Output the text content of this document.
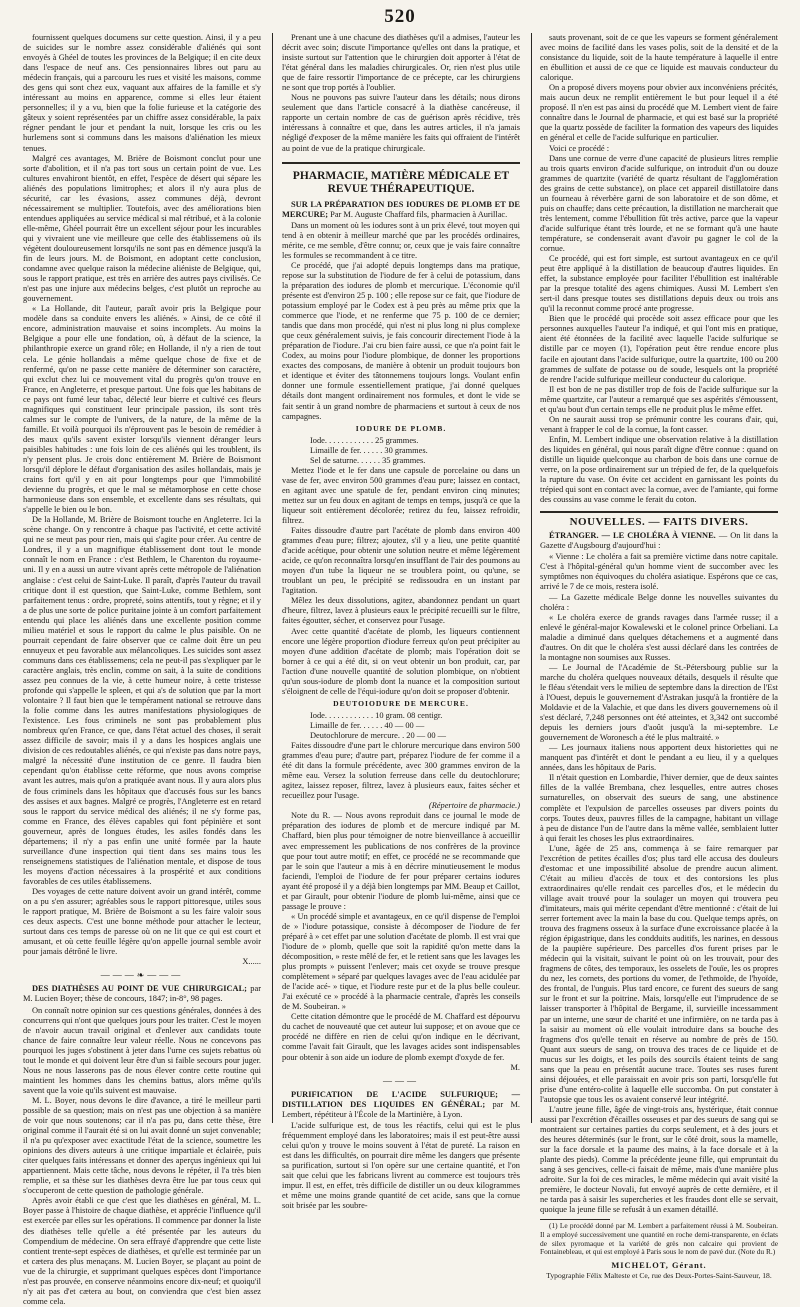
520

fournissent quelques documens sur cette question. Ainsi, il y a peu de suicides sur le nombre assez considérable d'aliénés qui sont envoyés à Ghéel de toutes les provinces de la Belgique; il en cite deux dans l'espace de neuf ans. Ces pensionnaires libres out paru au médecin français, qui a parcouru les rues et visité les maisons, comme des gens qui sont chez eux, vaquant aux affaires de la famille et s'y intéressant au moins en apparence, comme si elles leur étaient personnelles; il y a vu, bien que la folie furieuse et la catégorie des gâteux y soient représentées par un chiffre assez considérable, la paix régner pendant le jour et pendant la nuit, lorsque les cris ou les hurlemens sont si communs dans les maisons d'aliénation les mieux tenues.

Malgré ces avantages, M. Brière de Boismont conclut pour une sorte d'abolition, et il n'a pas tort sous un certain point de vue. Les cultures envahiront bientôt, en effet, l'espèce de désert qui sépare les aliénés des populations limitrophes; et alors il n'y aura plus de sécurité, car les évasions, assez communes déjà, devront nécessairement se multiplier. Toutefois, avec des améliorations bien entendues appliquées au service médical si mal rétribué, et à la colonie elle-même, Ghéel pourrait être un excellent séjour pour les incurables qui y vivraient une vie meilleure que celle des établissemens où ils végètent douloureusement lorsqu'ils ne sont pas en démence jusqu'à la fin de leurs jours. M. de Boismont, en adoptant cette conclusion, condamne avec quelque raison la médecine aliéniste de Belgique, qui, sous le rapport pratique, est très en arrière des autres pays civilisés. Ce n'est pas une injure aux médecins belges, c'est plutôt un reproche au gouvernement.

« La Hollande, dit l'auteur, paraît avoir pris la Belgique pour modèle dans sa conduite envers les aliénés. » Ainsi, de ce côté il encore, administration mauvaise et soins incomplets. Au moins la Belgique a pour elle une fondation, où, à défaut de la science, la philanthropie exerce un grand rôle; en Hollande, il n'y a rien de tout cela. Le génie hollandais a même quelque chose de fixe et de renfermé, qu'on ne passe cette manière de déterminer son caractère, qui exclut chez lui ce mouvement vital du progrès qu'on trouve en France, en Angleterre, et presque partout. Une fois que les habitans de ce pays ont fumé leur tabac, délecté leur bierre et cultivé ces fleurs magnifiques qui constituent leur principale passion, ils sont très calmes sur le compte de l'univers, de la nature, de la même de la famille. Et voilà pourquoi ils n'éprouvent pas le besoin de remédier à des maux qu'ils savent exister lorsqu'ils viennent déranger leurs paisibles habitudes : une fois loin de ces aliénés qui les troublent, ils n'y pensent plus. Je crois donc entièrement M. Brière de Boismont lorsqu'il déplore le défaut d'organisation des asiles hollandais, mais je crains fort qu'il y en ait pour longtemps pour que l'immobilité devienne du progrès, et que le mal se métamorphose en cette chose harmonieuse dans son ensemble, et excellente dans ses résultats, qui s'appelle le bien ou le bon.

De la Hollande, M. Brière de Boismont touche en Angleterre. Ici la scène change. On y rencontre à chaque pas l'activité, et cette activité qui ne se meut pas pour rien, mais qui s'agite pour créer. Au centre de Londres, il y a un magnifique établissement dont tout le monde connaît le nom en France : c'est Bethlem, le Charenton du royaume-uni. Il y en a aussi un autre vivant après cette métropole de l'aliénation anglaise : c'est celui de Saint-Luke. Il paraît, d'après l'auteur du travail critique dont il est question, que Saint-Luke, comme Bethlem, sont parfaitement tenus : ordre, propreté, soins attentifs, tout y règne; et il y a de plus une sorte de police puritaine jointe à un comfort parfaitement entendu qui place les aliénés dans une excellente position comme milieu matériel et sous le rapport du calme le plus paisible. On ne pourrait cependant de faire observer que ce calme doit être un peu ennuyeux et peu favorable aux mélancoliques. Les suicides sont assez communs dans ces établissemens; cela ne peut-il pas s'expliquer par le caractère anglais, très enclin, comme on sait, à la suite de conditions assez peu connues de la vie, à cette humeur noire, à cette tristesse profonde qui s'appelle le spleen, et qui a's de solution que par la mort volontaire ? Il faut bien que le tempérament national se retrouve dans la folie comme dans les autres manifestations physiologiques de l'existence. Les fous criminels ne sont pas probablement plus nombreux qu'en France, ce que, dans l'état actuel des choses, il serait assez difficile de savoir; mais il y a dans les hospices anglais une division de ces redoutables aliénés, ce qui n'existe pas dans notre pays, malgré la nécessité d'une institution de ce genre. Il faudra bien cependant qu'on établisse cette réforme, que nous avons comprise avant les autres, mais qu'on a pratiquée avant nous. Il y aura alors plus de fous criminels dans les hôpitaux que d'accusés fous sur les bancs des assises et aux bagnes. Malgré ce progrès, l'Angleterre est en retard sous le rapport du service médical des aliénés; il ne s'y forme pas, comme en France, des élèves capables qui font pépinière et sont gouverneur, après de longues études, les asiles fondés dans les départemens; il n'y a pas enfin une unité formée par la haute surveillance d'une inspection qui tient dans ses mains tous les renseignemens statistiques de l'aliénation mentale, et dispose de tous les moyens d'action nécessaires à la prospérité et aux conditions favorables de ces utiles établissemens.

Des voyages de cette nature doivent avoir un grand intérêt, comme on a pu s'en assurer; agréables sous le rapport pittoresque, utiles sous le rapport pratique, M. Brière de Boismont a su les faire valoir sous ces deux aspects. C'est une bonne méthode pour attacher le lecteur, surtout dans ces temps de paresse où on ne lit que ce qui est court et amusant, et où cette feuille légère qu'on appelle journal semble avoir pour jamais détrôné le livre.

X......

———❧———

DES DIATHÈSES AU POINT DE VUE CHIRURGICAL; par M. Lucien Boyer; thèse de concours, 1847; in-8°, 98 pages.

On connaît notre opinion sur ces questions générales, données à des concurrens qui n'ont que quelques jours pour les traiter. C'est le moyen de n'avoir aucun travail original et d'enlever aux candidats toute chance de faire connaître leur valeur réelle. Nous ne concevons pas pourquoi les juges s'obstinent à jeter dans l'urne ces sujets rebattus où tout le monde et qui doivent leur être d'un si faible secours pour juger. Nous ne nous lasserons pas de nous élever contre cette routine qui maintient les hommes dans les chemins battus, alors même qu'ils savent que la voie qu'ils suivent est mauvaise.

M. L. Boyer, nous devons le dire d'avance, a tiré le meilleur parti possible de sa question; mais on n'est pas une objection à sa manière de voir que nous soutenons; car il n'a pas pu, dans cette thèse, être original comme il l'aurait été si on lui avait donné un sujet convenable; il n'a pu qu'exposer avec exactitude l'état de la science, soumettre les opinions des divers auteurs à une critique impartiale et éclairée, puis citer quelques faits intéressans et donner des aperçus ingénieux qui lui appartiennent. Mais cette tâche, nous devons le répéter, il l'a très bien remplie, et sa thèse sur les diathèses devra être lue par tous ceux qui s'occuperont de cette question de pathologie générale.

Après avoir établi ce que c'est que les diathèses en général, M. L. Boyer passe à l'histoire de chaque diathèse, et apprécie l'influence qu'il est exercée par elles sur les opérations. Il commence par donner la liste des diathèses telle qu'elle a été présentée par les auteurs du Compendium de médecine. On sera effrayé d'apprendre que cette liste contient trente-sept espèces de diathèses, et qu'elle est terminée par un et cætera des plus menaçans. M. Lucien Boyer, se plaçant au point de vue de la chirurgie, et supprimant quelques espèces dont l'importance n'est pas prouvée, en conserve néanmoins encore dix-neuf; et quoiqu'il n'y ait pas d'et cætera au bout, on conviendra que c'est bien assez comme cela.

Prenant une à une chacune des diathèses qu'il a admises, l'auteur les décrit avec soin; discute l'importance qu'elles ont dans la pratique, et insiste surtout sur l'attention que le chirurgien doit apporter à l'état de l'état général dans les maladies chirurgicales. Or, rien n'est plus utile que de faire ressortir l'importance de ce précepte, car les chirurgiens ne sont que trop portés à l'oublier.

Nous ne pouvons pas suivre l'auteur dans les détails; nous dirons seulement que dans l'article consacré à la diathèse cancéreuse, il rapporte un certain nombre de cas de guérison après récidive, très intéressans à connaître et que, dans les autres articles, il n'a jamais négligé d'exposer de la même manière les faits qui offraient de l'intérêt au point de vue de la pratique chirurgicale.

PHARMACIE, MATIÈRE MÉDICALE ET REVUE THÉRAPEUTIQUE.

SUR LA PRÉPARATION DES IODURES DE PLOMB ET DE MERCURE; Par M. Auguste Chaffard fils, pharmacien à Aurillac.

Dans un moment où les iodures sont à un prix élevé, tout moyen qui tend à en obtenir à meilleur marché que par les procédés ordinaires, mérite, ce me semble, d'être connu; or, ceux que je vais faire connaître les formules se recommandent à ce titre.

Ce procédé, que j'ai adopté depuis longtemps dans ma pratique, repose sur la substitution de l'iodure de fer à celui de potassium, dans la préparation des iodures de plomb et mercurique. L'économie qu'il présente est d'environ 25 p. 100 ; elle repose sur ce fait, que l'iodure de potassium employé par le Codex est à peu près au même prix que la commerce que l'iode, et ne renferme que 75 p. 100 de ce dernier; tandis que dans mon procédé, qui n'est ni plus long ni plus complexe que ceux généralement suivis, je fais concourir directement l'iode à la préparation de l'iodure. J'ai cru bien faire aussi, ce que n'a point fait le Codex, au moins pour l'iodure plombique, de donner les proportions exactes des composans, de manière à obtenir un produit toujours bon et identique et éviter des tâtonnemens toujours longs. Voulant enfin donner une formule essentiellement pratique, j'ai donné quelques détails dont mangent ordinairement nos formules, et dont le vide se fait sentir à un grand nombre de pharmaciens et surtout à ceux de nos campagnes.

IODURE DE PLOMB.

Iode. . . . . . . . . . . . 25 grammes.

Limaille de fer. . . . . . 30 grammes.

Sel de saturne. . . . . . 35 grammes.

Mettez l'iode et le fer dans une capsule de porcelaine ou dans un vase de fer, avec environ 500 grammes d'eau pure; laissez en contact, en agitant avec une spatule de fer, pendant environ cinq minutes; mettez sur un feu doux en agitant de temps en temps, jusqu'à ce que la liqueur soit entièrement décolorée; retirez du feu, laissez refroidir, filtrez.

Faites dissoudre d'autre part l'acétate de plomb dans environ 400 grammes d'eau pure; filtrez; ajoutez, s'il y a lieu, une petite quantité d'acide acétique, pour obtenir une solution neutre et même légèrement acide, ce qu'on reconnaîtra lorsqu'en insufflant de l'air des poumons au moyen d'un tube la liqueur ne se troublera point, ou qu'une, se troublant un peu, le précipité se redissoudra en un instant par l'agitation.

Mêlez les deux dissolutions, agitez, abandonnez pendant un quart d'heure, filtrez, lavez à plusieurs eaux le précipité recueilli sur le filtre, faites égoutter, sécher, et conservez pour l'usage.

Avec cette quantité d'acétate de plomb, les liqueurs contiennent encore une légère proportion d'iodure ferreux qu'on peut précipiter au moyen d'une addition d'acétate de plomb; mais l'opération doit se borner à ce qui a été dit, si on veut obtenir un bon produit, car, par l'action d'une nouvelle quantité de solution plombique, on n'obtient qu'un sous-iodure de plomb dont la nuance et la composition surtout s'éloignent de celle de l'équi-iodure qu'on doit se proposer d'obtenir.

DEUTOIODURE DE MERCURE.

Iode. . . . . . . . . . . . 10 gram. 08 centigr.

Limaille de fer. . . . . . 40 — 00 —

Deutochlorure de mercure. . 20 — 00 —

Faites dissoudre d'une part le chlorure mercurique dans environ 500 grammes d'eau pure; d'autre part, préparez l'iodure de fer comme il a été dit dans la formule précédente, avec 300 grammes environ de la même eau. Versez la solution ferreuse dans celle du deutochlorure; agitez, laissez reposer, filtrez, lavez à plusieurs eaux, faites sécher et recueillez pour l'usage.

(Répertoire de pharmacie.)

Note du R. — Nous avons reproduit dans ce journal le mode de préparation des iodures de plomb et de mercure indiqué par M. Chaffard, bien plus pour témoigner de notre bienveillance à accueillir avec empressement les publications de nos confrères de la province que pour tout autre motif; en effet, ce procédé ne se recommande que par le soin que l'auteur a mis à en décrire minutieusement le modus faciendi, l'emploi de l'iodure de fer pour préparer certains iodures ayant été proposé il y a déjà bien longtemps par MM. Beaup et Caillot, et par Girault, pour obtenir l'iodure de plomb lui-même, ainsi que ce passage le prouve :

« Un procédé simple et avantageux, en ce qu'il dispense de l'emploi de » l'iodure potassique, consiste à décomposer de l'iodure de fer préparé à » cet effet par une solution d'acétate de plomb. Il est vrai que l'iodure de » plomb, quelle que soit la rapidité qu'on mette dans la décomposition, » reste mêlé de fer, et le retient sans que les lavages les plus prompts » puissent l'enlever; mais cet oxyde se trouve presque complètement » séparé par quelques lavages avec de l'eau acidulée par de l'acide acé- » tique, et l'iodure reste pur et de la plus belle couleur. J'ai exécuté ce » procédé à la pharmacie centrale, d'après les conseils de M. Soubeiran. »

Cette citation démontre que le procédé de M. Chaffard est dépourvu du cachet de nouveauté que cet auteur lui suppose; et on avoue que ce procédé ne diffère en rien de celui qu'on indique en le décrivant, comme l'avait fait Girault, que les lavages acides sont indispensables pour obtenir à son aide un iodure de plomb exempt d'oxyde de fer.

M.

———

PURIFICATION DE L'ACIDE SULFURIQUE; — DISTILLATION DES LIQUIDES EN GÉNÉRAL; par M. Lembert, répétiteur à l'École de la Martinière, à Lyon.

L'acide sulfurique est, de tous les réactifs, celui qui est le plus fréquemment employé dans les laboratoires; mais il est peut-être aussi celui qu'on y trouve le moins souvent à l'état de pureté. La raison en est dans les difficultés, on pourrait dire même les dangers que présente sa purification, surtout si l'on opère sur une certaine quantité, et l'on sait que celui que les fabricans livrent au commerce est toujours très impur. Il est, en effet, très difficile de distiller un ou deux kilogrammes et même une moins grande quantité de cet acide, sans que la cornue soit brisée par les soubre-

sauts provenant, soit de ce que les vapeurs se forment généralement avec moins de facilité dans les vases polis, soit de la densité et de la consistance du liquide, soit de la haute température à laquelle il entre en ébullition et aussi de ce que ce liquide est mauvais conducteur du calorique.

On a proposé divers moyens pour obvier aux inconvéniens précités, mais aucun deux ne remplit entièrement le but pour lequel il a été proposé. Il n'en est pas ainsi du procédé que M. Lembert vient de faire connaître dans le Journal de pharmacie, et qui est basé sur la propriété que la quartz possède de faciliter la formation des vapeurs des liquides en général et celle de l'acide sulfurique en particulier.

Voici ce procédé :

Dans une cornue de verre d'une capacité de plusieurs litres remplie au trois quarts environ d'acide sulfurique, on introduit d'un ou douze grammes de quartzite (variété de quartz résultant de l'agglomération des grains de cette substance), on place cet appareil distillatoire dans un fourneau à réverbère garni de son laboratoire et de son dôme, et puis on chauffe; dans cette précaution, la distillation ne marcherait que très lentement, comme l'ébullition fût très active, parce que la vapeur d'acide sulfurique étant très lourde, et ne se formant qu'à une haute température, se condenserait avant d'avoir pu gagner le col de la cornue.

Ce procédé, qui est fort simple, est surtout avantageux en ce qu'il peut être appliqué à la distillation de beaucoup d'autres liquides. En effet, la substance employée pour faciliter l'ébullition est inaltérable par la presque totalité des agens chimiques. Aussi M. Lembert s'en sert-il dans presque toutes ses distillations depuis deux ou trois ans qu'il la reconnut comme procé ante progresse.

Bien que le procédé qui procède soit assez efficace pour que les personnes auxquelles l'auteur l'a indiqué, et qui l'ont mis en pratique, aient été étonnées de la facilité avec laquelle l'acide sulfurique se distille par ce moyen (1), l'opération peut être rendue encore plus facile en ajoutant dans l'acide sulfurique, outre la quartzite, 100 ou 200 grammes de sulfate de potasse ou de soude, lesquels ont la propriété de rendre l'acide sulfurique meilleur conducteur du calorique.

Il est bon de ne pas distiller trop de fois de l'acide sulfurique sur la même quartzite, car l'auteur a remarqué que ses aspérités s'émoussent, et qu'au bout d'un certain temps elle ne produit plus le même effet.

On ne saurait aussi trop se prémunir contre les courans d'air, qui, venant à frapper le col de la cornue, la font casser.

Enfin, M. Lembert indique une observation relative à la distillation des liquides en général, qui nous paraît digne d'être connue : quand on distille un liquide quelconque au charbon de bois dans une cornue de verre, on la pose ordinairement sur un trépied de fer, de la quelquefois la rupture du vase. On évite cet accident en garnissant les points du trépied qui sont en contact avec la cornue, avec de l'amiante, qui forme des coussins au vase comme le ferait du coton.

NOUVELLES. — FAITS DIVERS.

ÉTRANGER. — LE CHOLÉRA À VIENNE. — On lit dans la Gazette d'Augsbourg d'aujourd'hui :

« Vienne : Le choléra a fait sa première victime dans notre capitale. C'est à l'hôpital-général qu'un homme vient de succomber avec les symptômes non équivoques du choléra asiatique. Espérons que ce cas, arrivé le 7 de ce mois, restera isolé.

— La Gazette médicale Belge donne les nouvelles suivantes du choléra :

« Le choléra exerce de grands ravages dans l'armée russe; il a enlevé le général-major Kowalewski et le colonel prince Orbeliani. La maladie a diminué dans quelques détachemens et a augmenté dans d'autres. On dit que le choléra s'est aussi déclaré dans les contrées de la montagne non soumises aux Russes.

— Le Journal de l'Académie de St.-Pétersbourg publie sur la marche du choléra quelques nouveaux détails, desquels il résulte que le fléau s'étendait vers le milieu de septembre dans la direction de l'Est à l'Ouest, depuis le gouvernement d'Astrakan jusqu'à la frontière de la Moldavie et de la Valachie, et que dans les divers gouvernemens où il s'est déclaré, 7,248 personnes ont été atteintes, et 3,342 ont succombé depuis les derniers jours d'août jusqu'à la mi-septembre. Le gouvernement de Woronesch a été le plus maltraité. »

— Les journaux italiens nous apportent deux historiettes qui ne manquent pas d'intérêt et dont le pendant a eu lieu, il y a quelques années, dans les hôpitaux de Paris.

Il n'était question en Lombardie, l'hiver dernier, que de deux saintes filles de la vallée Brembana, chez lesquelles, entre autres choses surnaturelles, on observait des sueurs de sang, une abstinence complète et l'expulsion de parcelles osseuses par divers points du corps. Toutes deux, pauvres filles de la campagne, habitant un village à peu de distance l'un de l'autre dans la même vallée, semblaient lutter à qui ferait les choses les plus extraordinaires.

L'une, âgée de 25 ans, commença à se faire remarquer par l'excrétion de petites écailles d'os; plus tard elle accusa des douleurs d'estomac et une impossibilité absolue de prendre aucun aliment. C'était au milieu d'accès de toux et des contorsions les plus extraordinaires qu'elle rendait ces parcelles d'os, et le médecin du village avait trouvé pour la soulager un moyen qui trouvera peu d'imitateurs, mais qui mérite cependant d'être mentionné : c'était de lui serrer fortement avec la main la base du cou. Quelque temps après, on trouva des fragmens osseux à la surface d'une excroissance placée à la région épigastrique, dans les condduits auditifs, les narines, en dessous de la paupière supérieure. Des parcelles d'os furent prises par le médecin qui la visitait, suivant le point où on les trouvait, pour des fragmens de côtes, des temporaux, les osselets de l'ouïe, les os propres du nez, les cornets, des portions du vomer, de l'ethmoïde, de l'hyoïde, des frontal, de l'unguis. Plus tard encore, ce furent des sueurs de sang sur le front et sur la poitrine. Mais, lorsqu'elle eut l'imprudence de se laisser transporter à l'hôpital de Bergame, il, survieille incessamment par un interne, une sœur de charité et une infirmière, on ne tarda pas à la saisir au moment où elle voulait introduire dans sa bouche des fragmens d'os qu'elle tenait en réserve au nombre de près de 150. Quant aux sueurs de sang, on trouva des traces de ce liquide et de mucus sur les doigts, et les poils des sourcils étaient teints de sang sans que la peau en présentât aucune trace. Toutes ses ruses furent ainsi déjouées, et elle paraissait en avoir pris son parti, lorsqu'elle fut prise d'une entéro-colite à laquelle elle succomba. On put constater à l'autopsie que tous les os avaient conservé leur intégrité.

L'autre jeune fille, âgée de vingt-trois ans, hystérique, était connue aussi par l'excrétion d'écailles osseuses et par des sueurs de sang qui se montraient sur certaines parties du corps seulement, et à des jours et des heures déterminés (sur le front, sur le côté droit, sous la mamelle, sur la face dorsale et la paume des mains, à la face dorsale et à la plante des pieds). Comme la précédente jeune fille, qui empruntait du sang à ses gencives, celle-ci faisait de même, mais d'une manière plus adroite. Sur la foi de ces miracles, le même médecin qui avait visité la première, le docteur Novali, fut envoyé auprès de cette dernière, et il ne tarda pas à saisir les supercheries et les fraudes dont elle se servait, quoique la jeune fille se refusât à un examen détaillé.

(1) Le procédé donné par M. Lembert a parfaitement réussi à M. Soubeiran. Il a employé successivement une quantité en roche demi-transparente, en éclats de silex pyromaque et la variété de grès non calcaire qui provient de Fontainebleau, et qui est employé à Paris sous le nom de pavé dur. (Note du R.)

MICHELOT, Gérant.
Typographie Félix Malteste et Ce, rue des Deux-Portes-Saint-Sauveur, 18.
